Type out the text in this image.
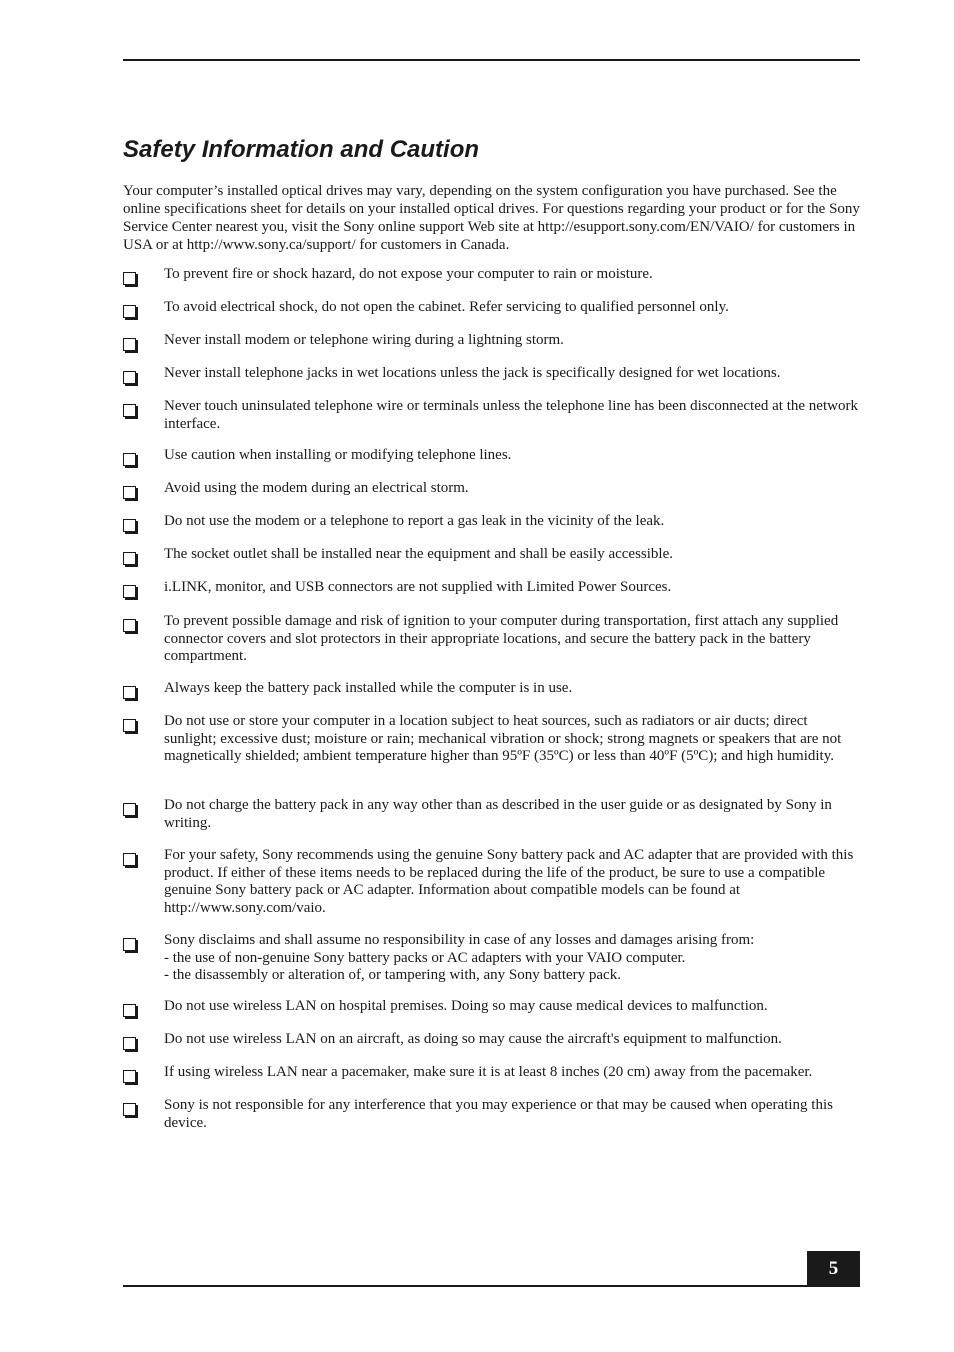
Safety Information and Caution

Your computer’s installed optical drives may vary, depending on the system configuration you have purchased. See the online specifications sheet for details on your installed optical drives. For questions regarding your product or for the Sony Service Center nearest you, visit the Sony online support Web site at http://esupport.sony.com/EN/VAIO/ for customers in USA or at http://www.sony.ca/support/ for customers in Canada.

To prevent fire or shock hazard, do not expose your computer to rain or moisture.
To avoid electrical shock, do not open the cabinet. Refer servicing to qualified personnel only.
Never install modem or telephone wiring during a lightning storm.
Never install telephone jacks in wet locations unless the jack is specifically designed for wet locations.
Never touch uninsulated telephone wire or terminals unless the telephone line has been disconnected at the network interface.
Use caution when installing or modifying telephone lines.
Avoid using the modem during an electrical storm.
Do not use the modem or a telephone to report a gas leak in the vicinity of the leak.
The socket outlet shall be installed near the equipment and shall be easily accessible.
i.LINK, monitor, and USB connectors are not supplied with Limited Power Sources.
To prevent possible damage and risk of ignition to your computer during transportation, first attach any supplied connector covers and slot protectors in their appropriate locations, and secure the battery pack in the battery compartment.
Always keep the battery pack installed while the computer is in use.
Do not use or store your computer in a location subject to heat sources, such as radiators or air ducts; direct sunlight; excessive dust; moisture or rain; mechanical vibration or shock; strong magnets or speakers that are not magnetically shielded; ambient temperature higher than 95ºF (35ºC) or less than 40ºF (5ºC); and high humidity.
Do not charge the battery pack in any way other than as described in the user guide or as designated by Sony in writing.
For your safety, Sony recommends using the genuine Sony battery pack and AC adapter that are provided with this product. If either of these items needs to be replaced during the life of the product, be sure to use a compatible genuine Sony battery pack or AC adapter. Information about compatible models can be found at http://www.sony.com/vaio.
Sony disclaims and shall assume no responsibility in case of any losses and damages arising from:
- the use of non-genuine Sony battery packs or AC adapters with your VAIO computer.
- the disassembly or alteration of, or tampering with, any Sony battery pack.
Do not use wireless LAN on hospital premises. Doing so may cause medical devices to malfunction.
Do not use wireless LAN on an aircraft, as doing so may cause the aircraft's equipment to malfunction.
If using wireless LAN near a pacemaker, make sure it is at least 8 inches (20 cm) away from the pacemaker.
Sony is not responsible for any interference that you may experience or that may be caused when operating this device.
5
